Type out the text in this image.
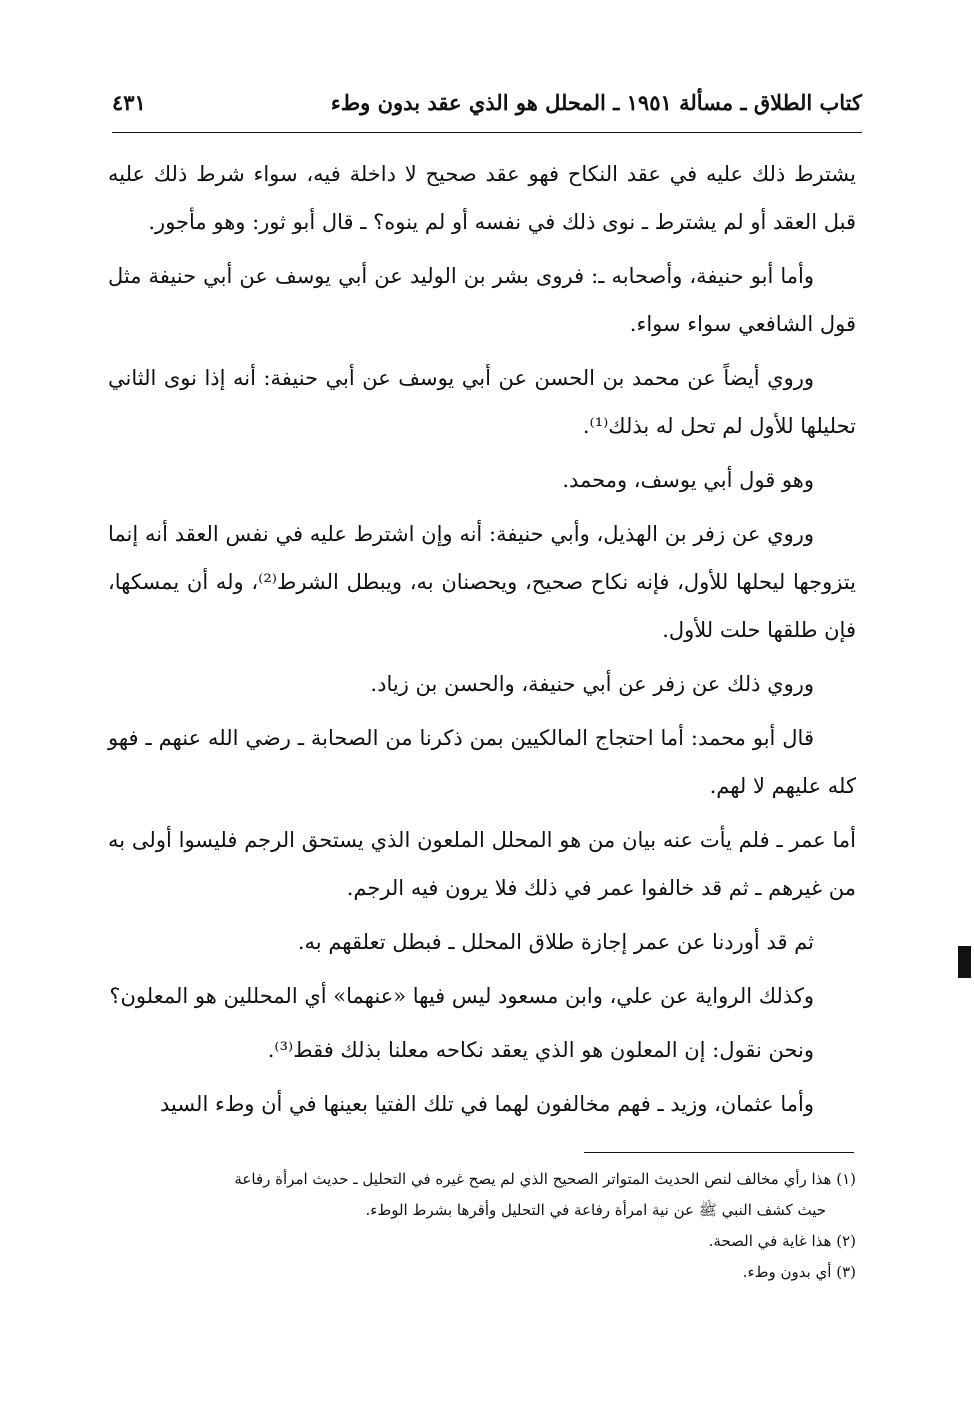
كتاب الطلاق ـ مسألة ١٩٥١ ـ المحلل هو الذي عقد بدون وطء
٤٣١

يشترط ذلك عليه في عقد النكاح فهو عقد صحيح لا داخلة فيه، سواء شرط ذلك عليه قبل العقد أو لم يشترط ـ نوى ذلك في نفسه أو لم ينوه؟ ـ قال أبو ثور: وهو مأجور.

وأما أبو حنيفة، وأصحابه ـ: فروى بشر بن الوليد عن أبي يوسف عن أبي حنيفة مثل قول الشافعي سواء سواء.

وروي أيضاً عن محمد بن الحسن عن أبي يوسف عن أبي حنيفة: أنه إذا نوى الثاني تحليلها للأول لم تحل له بذلك⁽¹⁾.

وهو قول أبي يوسف، ومحمد.

وروي عن زفر بن الهذيل، وأبي حنيفة: أنه وإن اشترط عليه في نفس العقد أنه إنما يتزوجها ليحلها للأول، فإنه نكاح صحيح، ويحصنان به، ويبطل الشرط⁽²⁾، وله أن يمسكها، فإن طلقها حلت للأول.

وروي ذلك عن زفر عن أبي حنيفة، والحسن بن زياد.

قال أبو محمد: أما احتجاج المالكيين بمن ذكرنا من الصحابة ـ رضي الله عنهم ـ فهو كله عليهم لا لهم.

أما عمر ـ فلم يأت عنه بيان من هو المحلل الملعون الذي يستحق الرجم فليسوا أولى به من غيرهم ـ ثم قد خالفوا عمر في ذلك فلا يرون فيه الرجم.

ثم قد أوردنا عن عمر إجازة طلاق المحلل ـ فبطل تعلقهم به.

وكذلك الرواية عن علي، وابن مسعود ليس فيها «عنهما» أي المحللين هو المعلون؟

ونحن نقول: إن المعلون هو الذي يعقد نكاحه معلنا بذلك فقط⁽³⁾.

وأما عثمان، وزيد ـ فهم مخالفون لهما في تلك الفتيا بعينها في أن وطء السيد

(١) هذا رأي مخالف لنص الحديث المتواتر الصحيح الذي لم يصح غيره في التحليل ـ حديث امرأة رفاعة

حيث كشف النبي ﷺ عن نية امرأة رفاعة في التحليل وأقرها بشرط الوطء.

(٢) هذا غاية في الصحة.

(٣) أي بدون وطء.
